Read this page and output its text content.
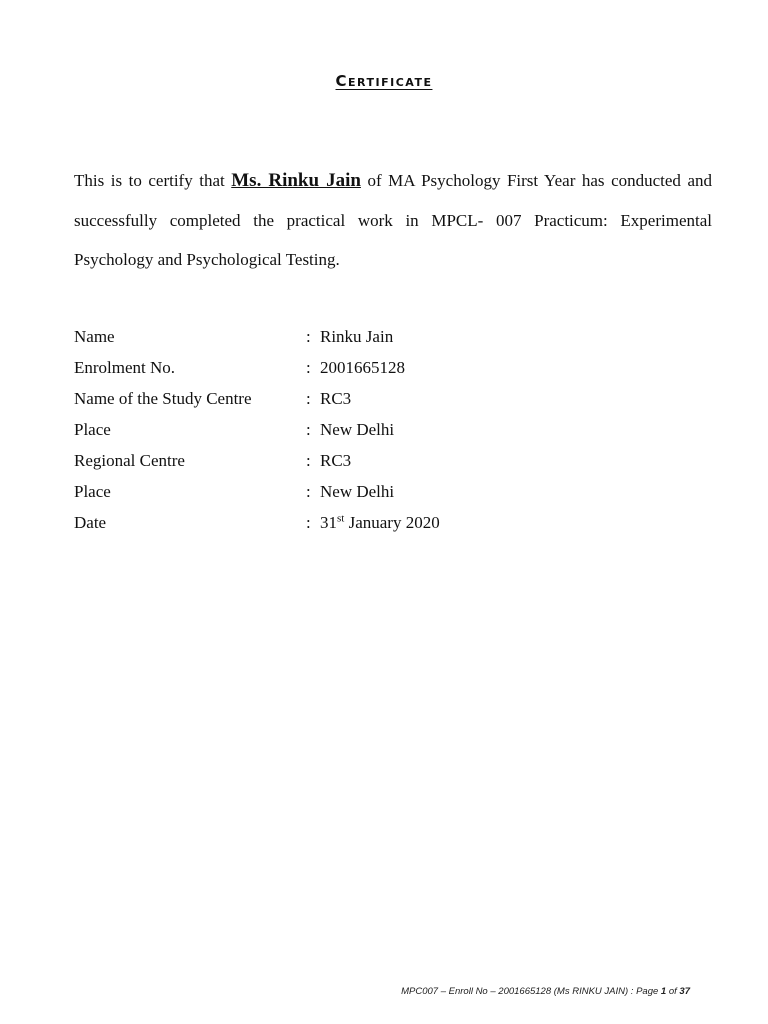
Certificate
This is to certify that Ms. Rinku Jain of MA Psychology First Year has conducted and successfully completed the practical work in MPCL- 007 Practicum: Experimental Psychology and Psychological Testing.
Name	: Rinku Jain
Enrolment No.	: 2001665128
Name of the Study Centre	: RC3
Place	: New Delhi
Regional Centre	: RC3
Place	: New Delhi
Date	: 31st January 2020
MPC007 – Enroll No – 2001665128 (Ms RINKU JAIN) : Page 1 of 37
